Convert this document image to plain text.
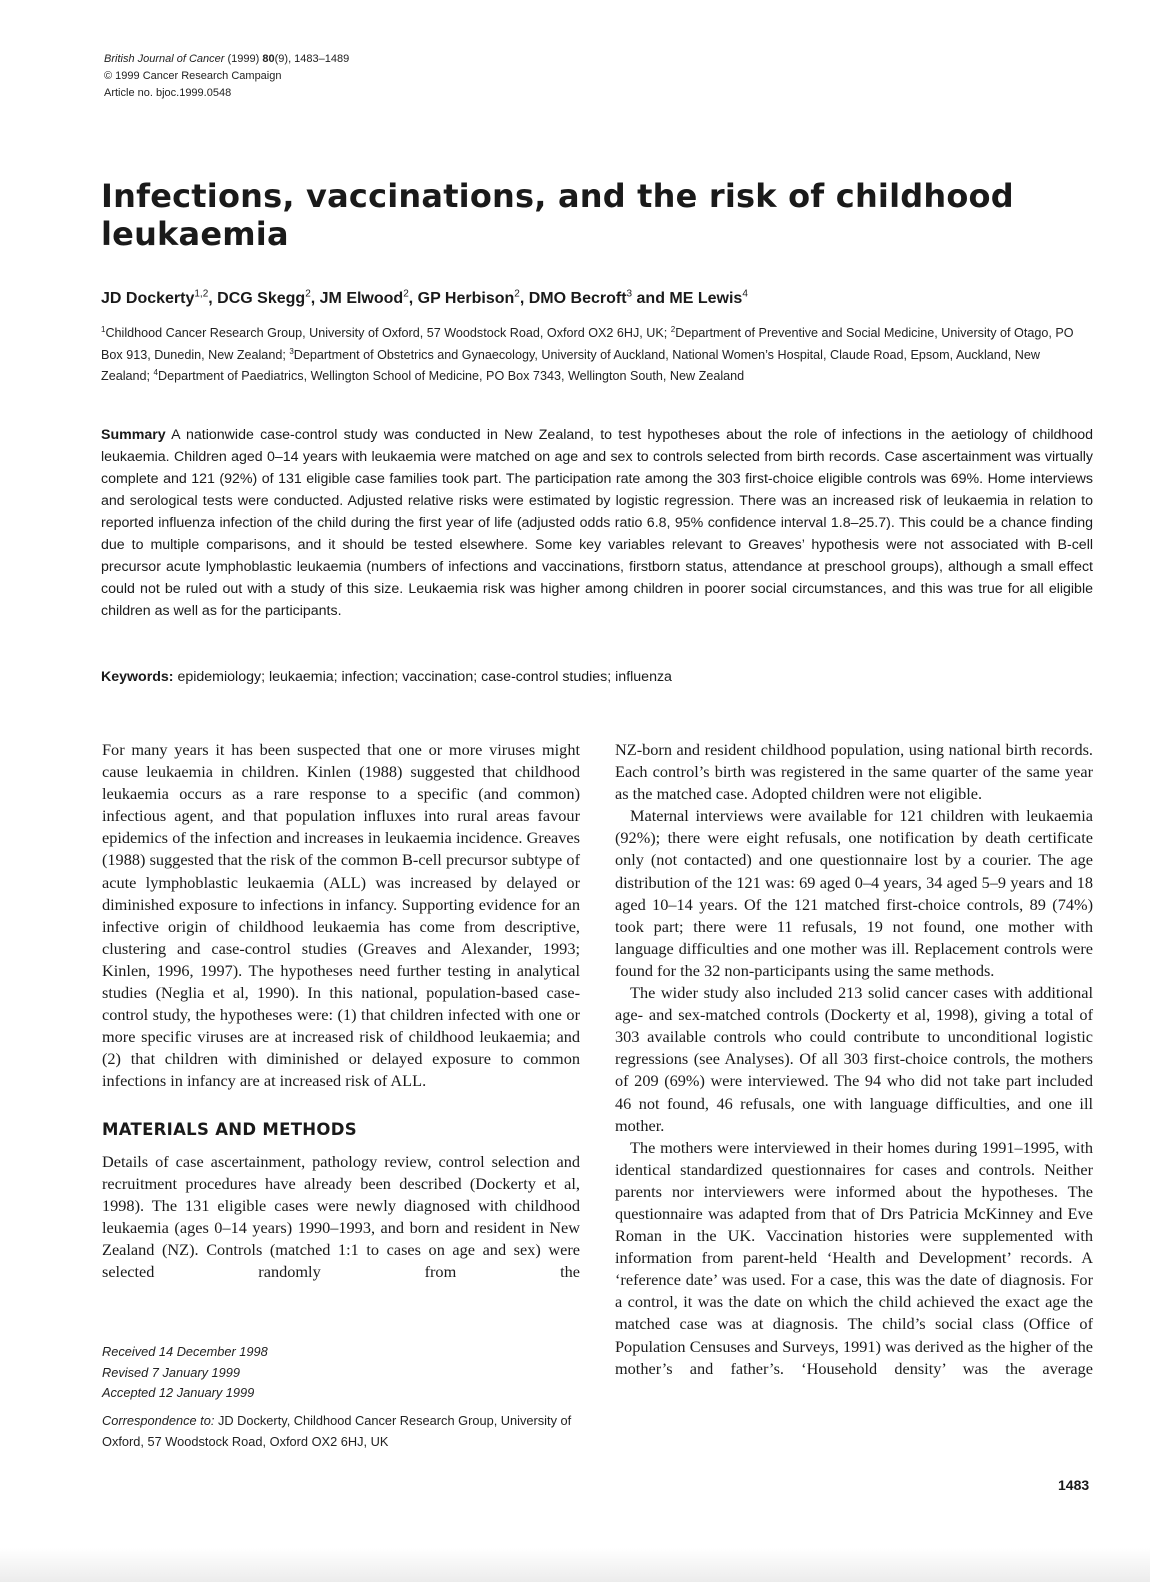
British Journal of Cancer (1999) 80(9), 1483–1489
© 1999 Cancer Research Campaign
Article no. bjoc.1999.0548
Infections, vaccinations, and the risk of childhood leukaemia
JD Dockerty$^{1,2}$, DCG Skegg$^2$, JM Elwood$^2$, GP Herbison$^2$, DMO Becroft$^3$ and ME Lewis$^4$
$^1$Childhood Cancer Research Group, University of Oxford, 57 Woodstock Road, Oxford OX2 6HJ, UK; $^2$Department of Preventive and Social Medicine, University of Otago, PO Box 913, Dunedin, New Zealand; $^3$Department of Obstetrics and Gynaecology, University of Auckland, National Women’s Hospital, Claude Road, Epsom, Auckland, New Zealand; $^4$Department of Paediatrics, Wellington School of Medicine, PO Box 7343, Wellington South, New Zealand

Summary A nationwide case-control study was conducted in New Zealand, to test hypotheses about the role of infections in the aetiology of childhood leukaemia. Children aged 0–14 years with leukaemia were matched on age and sex to controls selected from birth records. Case ascertainment was virtually complete and 121 (92%) of 131 eligible case families took part. The participation rate among the 303 first-choice eligible controls was 69%. Home interviews and serological tests were conducted. Adjusted relative risks were estimated by logistic regression. There was an increased risk of leukaemia in relation to reported influenza infection of the child during the first year of life (adjusted odds ratio 6.8, 95% confidence interval 1.8–25.7). This could be a chance finding due to multiple comparisons, and it should be tested elsewhere. Some key variables relevant to Greaves’ hypothesis were not associated with B-cell precursor acute lymphoblastic leukaemia (numbers of infections and vaccinations, firstborn status, attendance at preschool groups), although a small effect could not be ruled out with a study of this size. Leukaemia risk was higher among children in poorer social circumstances, and this was true for all eligible children as well as for the participants.

Keywords: epidemiology; leukaemia; infection; vaccination; case-control studies; influenza

For many years it has been suspected that one or more viruses might cause leukaemia in children. Kinlen (1988) suggested that childhood leukaemia occurs as a rare response to a specific (and common) infectious agent, and that population influxes into rural areas favour epidemics of the infection and increases in leukaemia incidence. Greaves (1988) suggested that the risk of the common B-cell precursor subtype of acute lymphoblastic leukaemia (ALL) was increased by delayed or diminished exposure to infections in infancy. Supporting evidence for an infective origin of childhood leukaemia has come from descriptive, clustering and case-control studies (Greaves and Alexander, 1993; Kinlen, 1996, 1997). The hypotheses need further testing in analytical studies (Neglia et al, 1990). In this national, population-based case-control study, the hypotheses were: (1) that children infected with one or more specific viruses are at increased risk of childhood leukaemia; and (2) that children with diminished or delayed exposure to common infections in infancy are at increased risk of ALL.

MATERIALS AND METHODS

Details of case ascertainment, pathology review, control selection and recruitment procedures have already been described (Dockerty et al, 1998). The 131 eligible cases were newly diagnosed with childhood leukaemia (ages 0–14 years) 1990–1993, and born and resident in New Zealand (NZ). Controls (matched 1:1 to cases on age and sex) were selected randomly from the

Received 14 December 1998
Revised 7 January 1999
Accepted 12 January 1999
Correspondence to: JD Dockerty, Childhood Cancer Research Group, University of Oxford, 57 Woodstock Road, Oxford OX2 6HJ, UK

NZ-born and resident childhood population, using national birth records. Each control’s birth was registered in the same quarter of the same year as the matched case. Adopted children were not eligible.

Maternal interviews were available for 121 children with leukaemia (92%); there were eight refusals, one notification by death certificate only (not contacted) and one questionnaire lost by a courier. The age distribution of the 121 was: 69 aged 0–4 years, 34 aged 5–9 years and 18 aged 10–14 years. Of the 121 matched first-choice controls, 89 (74%) took part; there were 11 refusals, 19 not found, one mother with language difficulties and one mother was ill. Replacement controls were found for the 32 non-participants using the same methods.

The wider study also included 213 solid cancer cases with additional age- and sex-matched controls (Dockerty et al, 1998), giving a total of 303 available controls who could contribute to unconditional logistic regressions (see Analyses). Of all 303 first-choice controls, the mothers of 209 (69%) were interviewed. The 94 who did not take part included 46 not found, 46 refusals, one with language difficulties, and one ill mother.

The mothers were interviewed in their homes during 1991–1995, with identical standardized questionnaires for cases and controls. Neither parents nor interviewers were informed about the hypotheses. The questionnaire was adapted from that of Drs Patricia McKinney and Eve Roman in the UK. Vaccination histories were supplemented with information from parent-held ‘Health and Development’ records. A ‘reference date’ was used. For a case, this was the date of diagnosis. For a control, it was the date on which the child achieved the exact age the matched case was at diagnosis. The child’s social class (Office of Population Censuses and Surveys, 1991) was derived as the higher of the mother’s and father’s. ‘Household density’ was the average

1483
